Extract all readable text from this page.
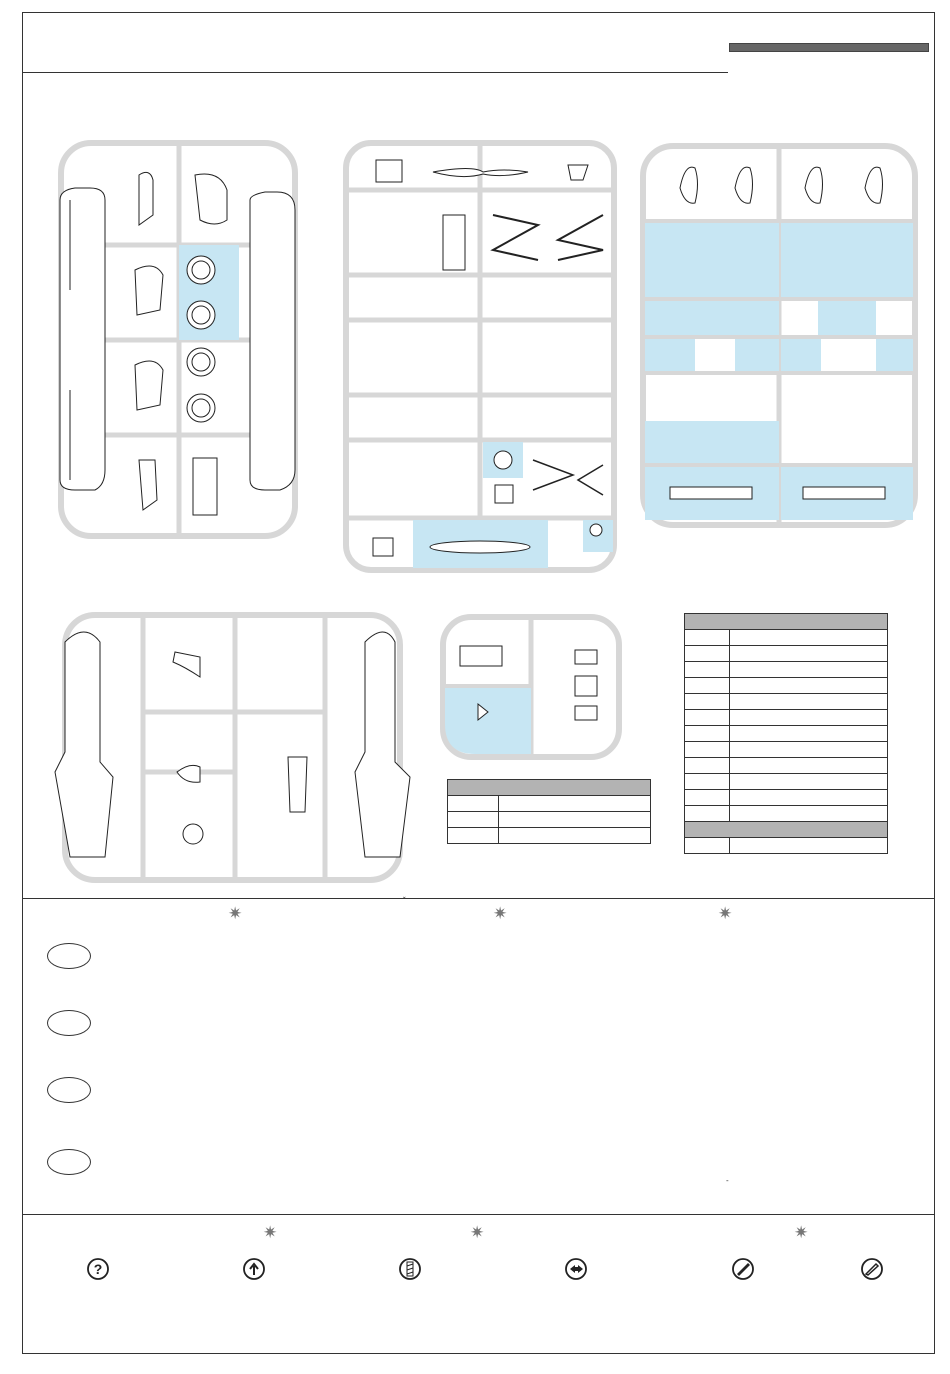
✷	✷	✷
ˇ
-
✷	✷	✷
?
